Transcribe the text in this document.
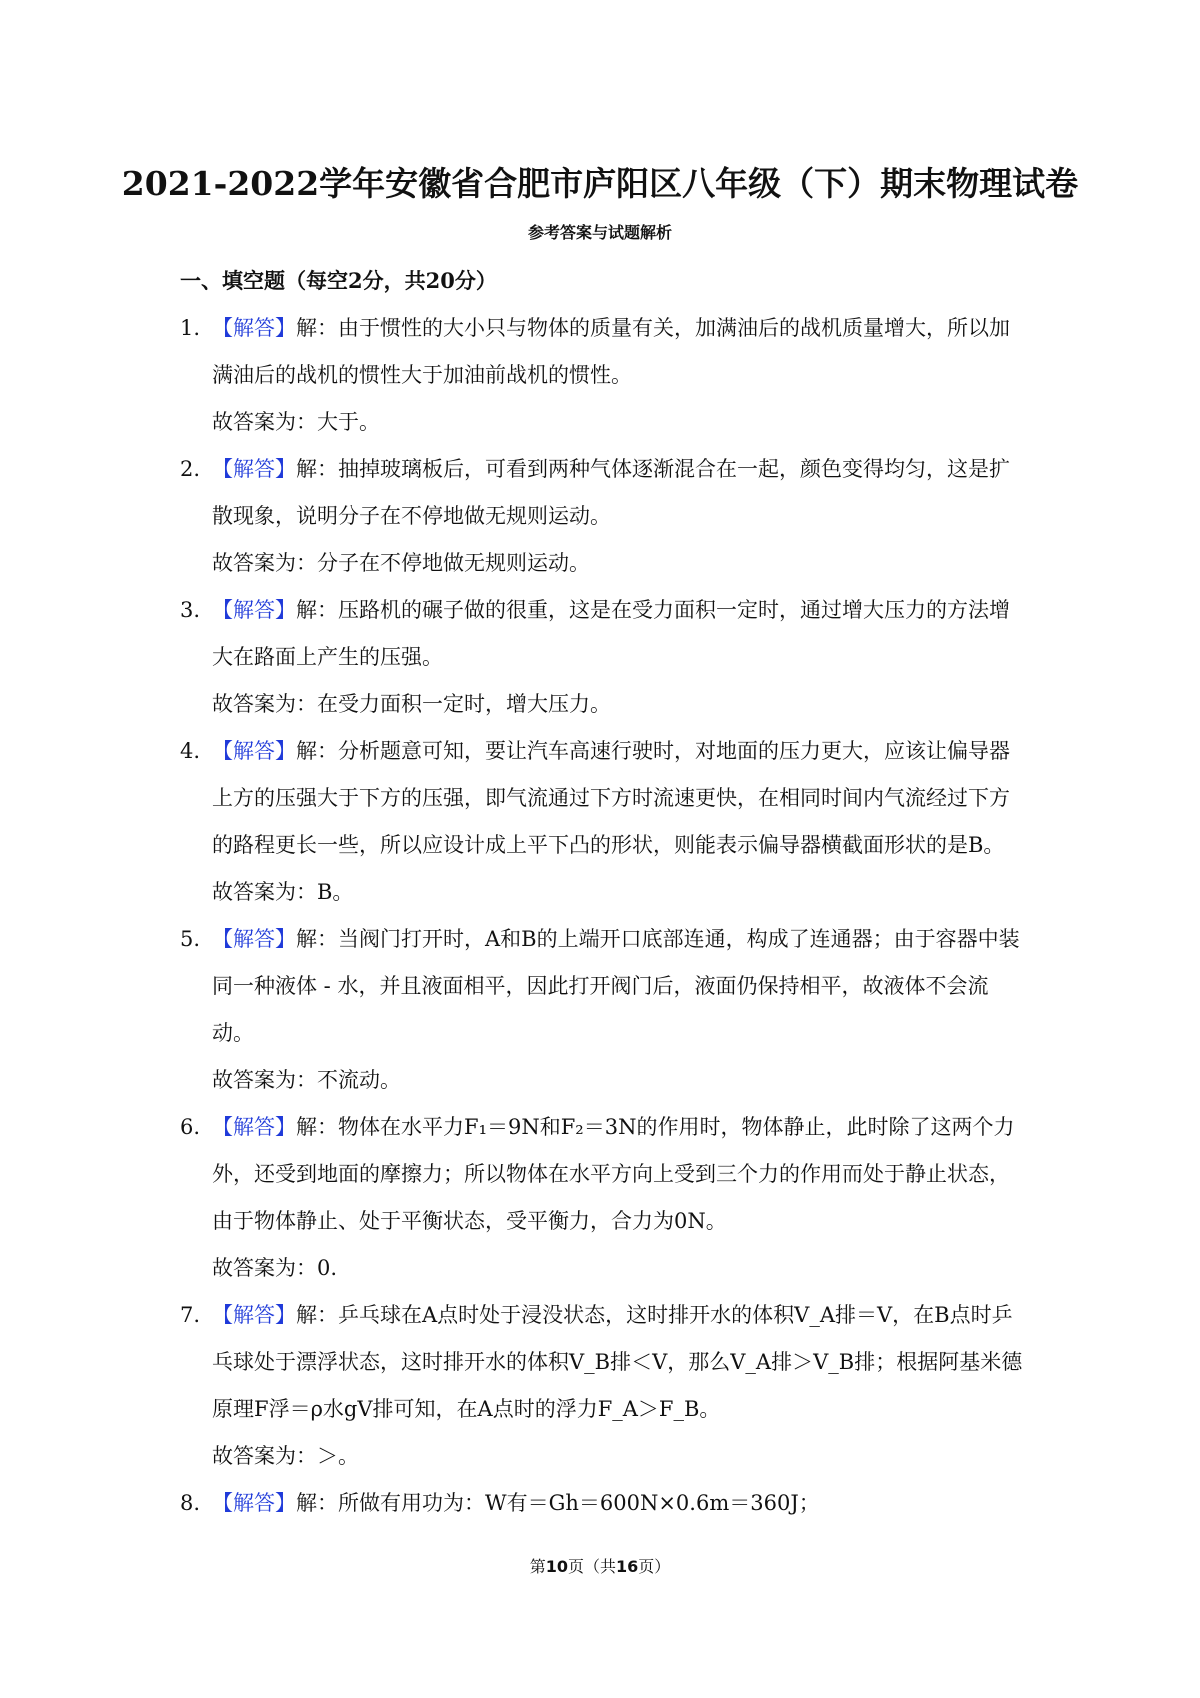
2021-2022学年安徽省合肥市庐阳区八年级（下）期末物理试卷
参考答案与试题解析
一、填空题（每空2分，共20分）
1. 【解答】解：由于惯性的大小只与物体的质量有关，加满油后的战机质量增大，所以加满油后的战机的惯性大于加油前战机的惯性。
故答案为：大于。
2. 【解答】解：抽掉玻璃板后，可看到两种气体逐渐混合在一起，颜色变得均匀，这是扩散现象，说明分子在不停地做无规则运动。
故答案为：分子在不停地做无规则运动。
3. 【解答】解：压路机的碾子做的很重，这是在受力面积一定时，通过增大压力的方法增大在路面上产生的压强。
故答案为：在受力面积一定时，增大压力。
4. 【解答】解：分析题意可知，要让汽车高速行驶时，对地面的压力更大，应该让偏导器上方的压强大于下方的压强，即气流通过下方时流速更快，在相同时间内气流经过下方的路程更长一些，所以应设计成上平下凸的形状，则能表示偏导器横截面形状的是B。
故答案为：B。
5. 【解答】解：当阀门打开时，A和B的上端开口底部连通，构成了连通器；由于容器中装同一种液体 - 水，并且液面相平，因此打开阀门后，液面仍保持相平，故液体不会流动。
故答案为：不流动。
6. 【解答】解：物体在水平力F₁＝9N和F₂＝3N的作用时，物体静止，此时除了这两个力外，还受到地面的摩擦力；所以物体在水平方向上受到三个力的作用而处于静止状态，由于物体静止、处于平衡状态，受平衡力，合力为0N。
故答案为：0.
7. 【解答】解：乒乓球在A点时处于浸没状态，这时排开水的体积V_A排＝V，在B点时乒乓球处于漂浮状态，这时排开水的体积V_B排＜V，那么V_A排＞V_B排；根据阿基米德原理F浮＝ρ水gV排可知，在A点时的浮力F_A＞F_B。
故答案为：＞。
8. 【解答】解：所做有用功为：W有＝Gh＝600N×0.6m＝360J；
第10页（共16页）
